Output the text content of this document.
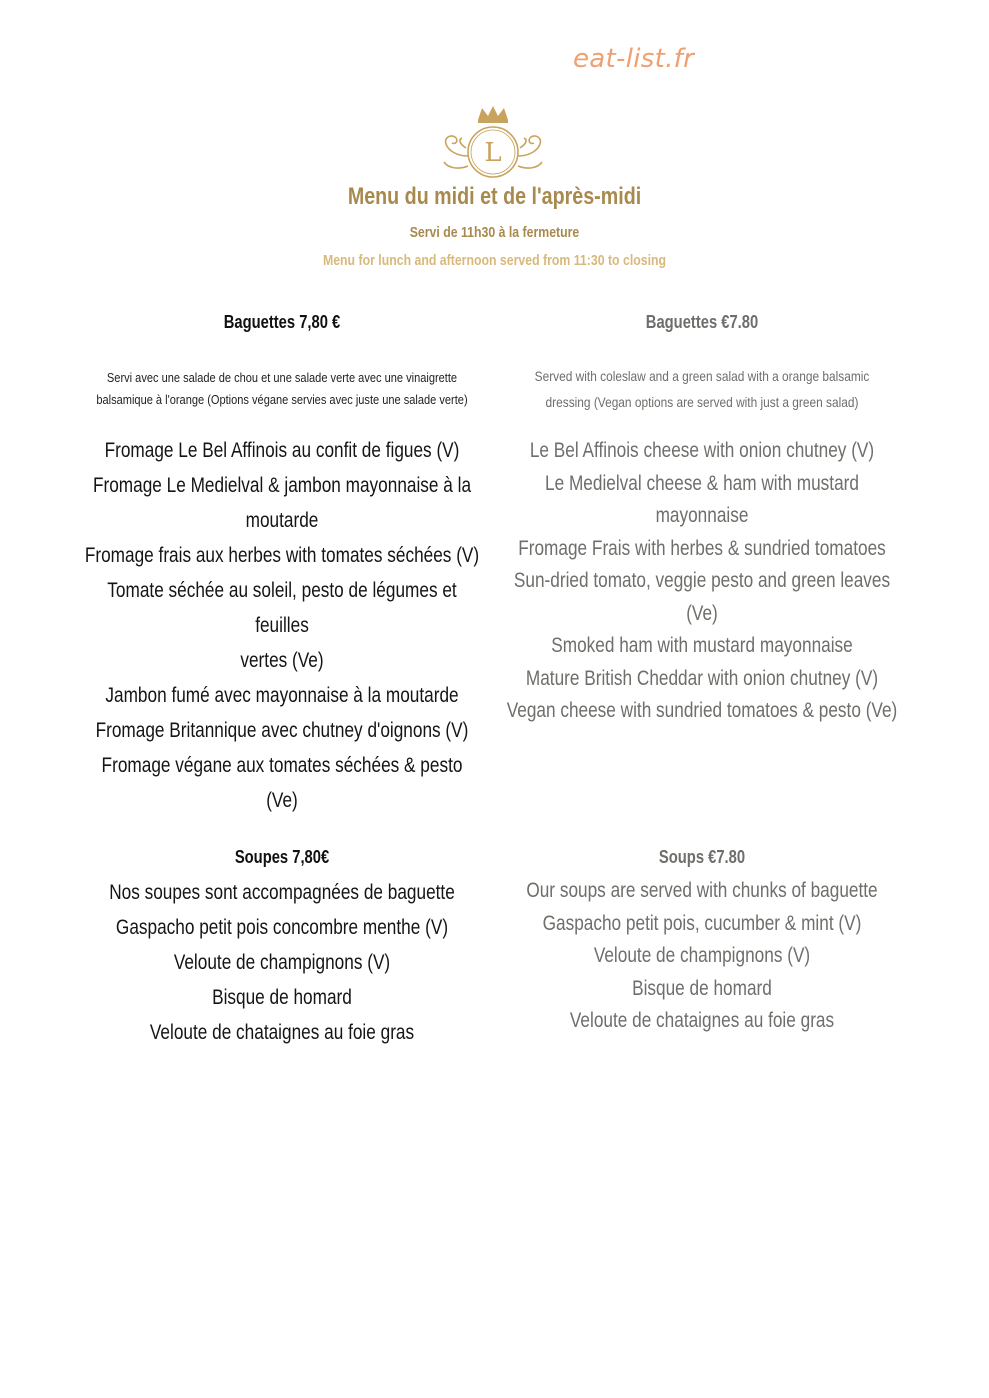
eat-list.fr
L
Menu du midi et de l'après-midi
Servi de 11h30 à la fermeture
Menu for lunch and afternoon served from 11:30 to closing
Baguettes 7,80 €
Servi avec une salade de chou et une salade verte avec une vinaigrette
balsamique à l'orange (Options végane servies avec juste une salade verte)
Fromage Le Bel Affinois au confit de figues (V)
Fromage Le Medielval & jambon mayonnaise à la
moutarde
Fromage frais aux herbes with tomates séchées (V)
Tomate séchée au soleil, pesto de légumes et feuilles
vertes (Ve)
Jambon fumé avec mayonnaise à la moutarde
Fromage Britannique avec chutney d'oignons (V)
Fromage végane aux tomates séchées & pesto (Ve)
Baguettes €7.80
Served with coleslaw and a green salad with a orange balsamic
dressing (Vegan options are served with just a green salad)
Le Bel Affinois cheese with onion chutney (V)
Le Medielval cheese & ham with mustard mayonnaise
Fromage Frais with herbes & sundried tomatoes
Sun-dried tomato, veggie pesto and green leaves (Ve)
Smoked ham with mustard mayonnaise
Mature British Cheddar with onion chutney (V)
Vegan cheese with sundried tomatoes & pesto (Ve)
Soupes 7,80€
Nos soupes sont accompagnées de baguette
Gaspacho petit pois concombre menthe (V)
Veloute de champignons (V)
Bisque de homard
Veloute de chataignes au foie gras
Soups €7.80
Our soups are served with chunks of baguette
Gaspacho petit pois, cucumber & mint (V)
Veloute de champignons (V)
Bisque de homard
Veloute de chataignes au foie gras
